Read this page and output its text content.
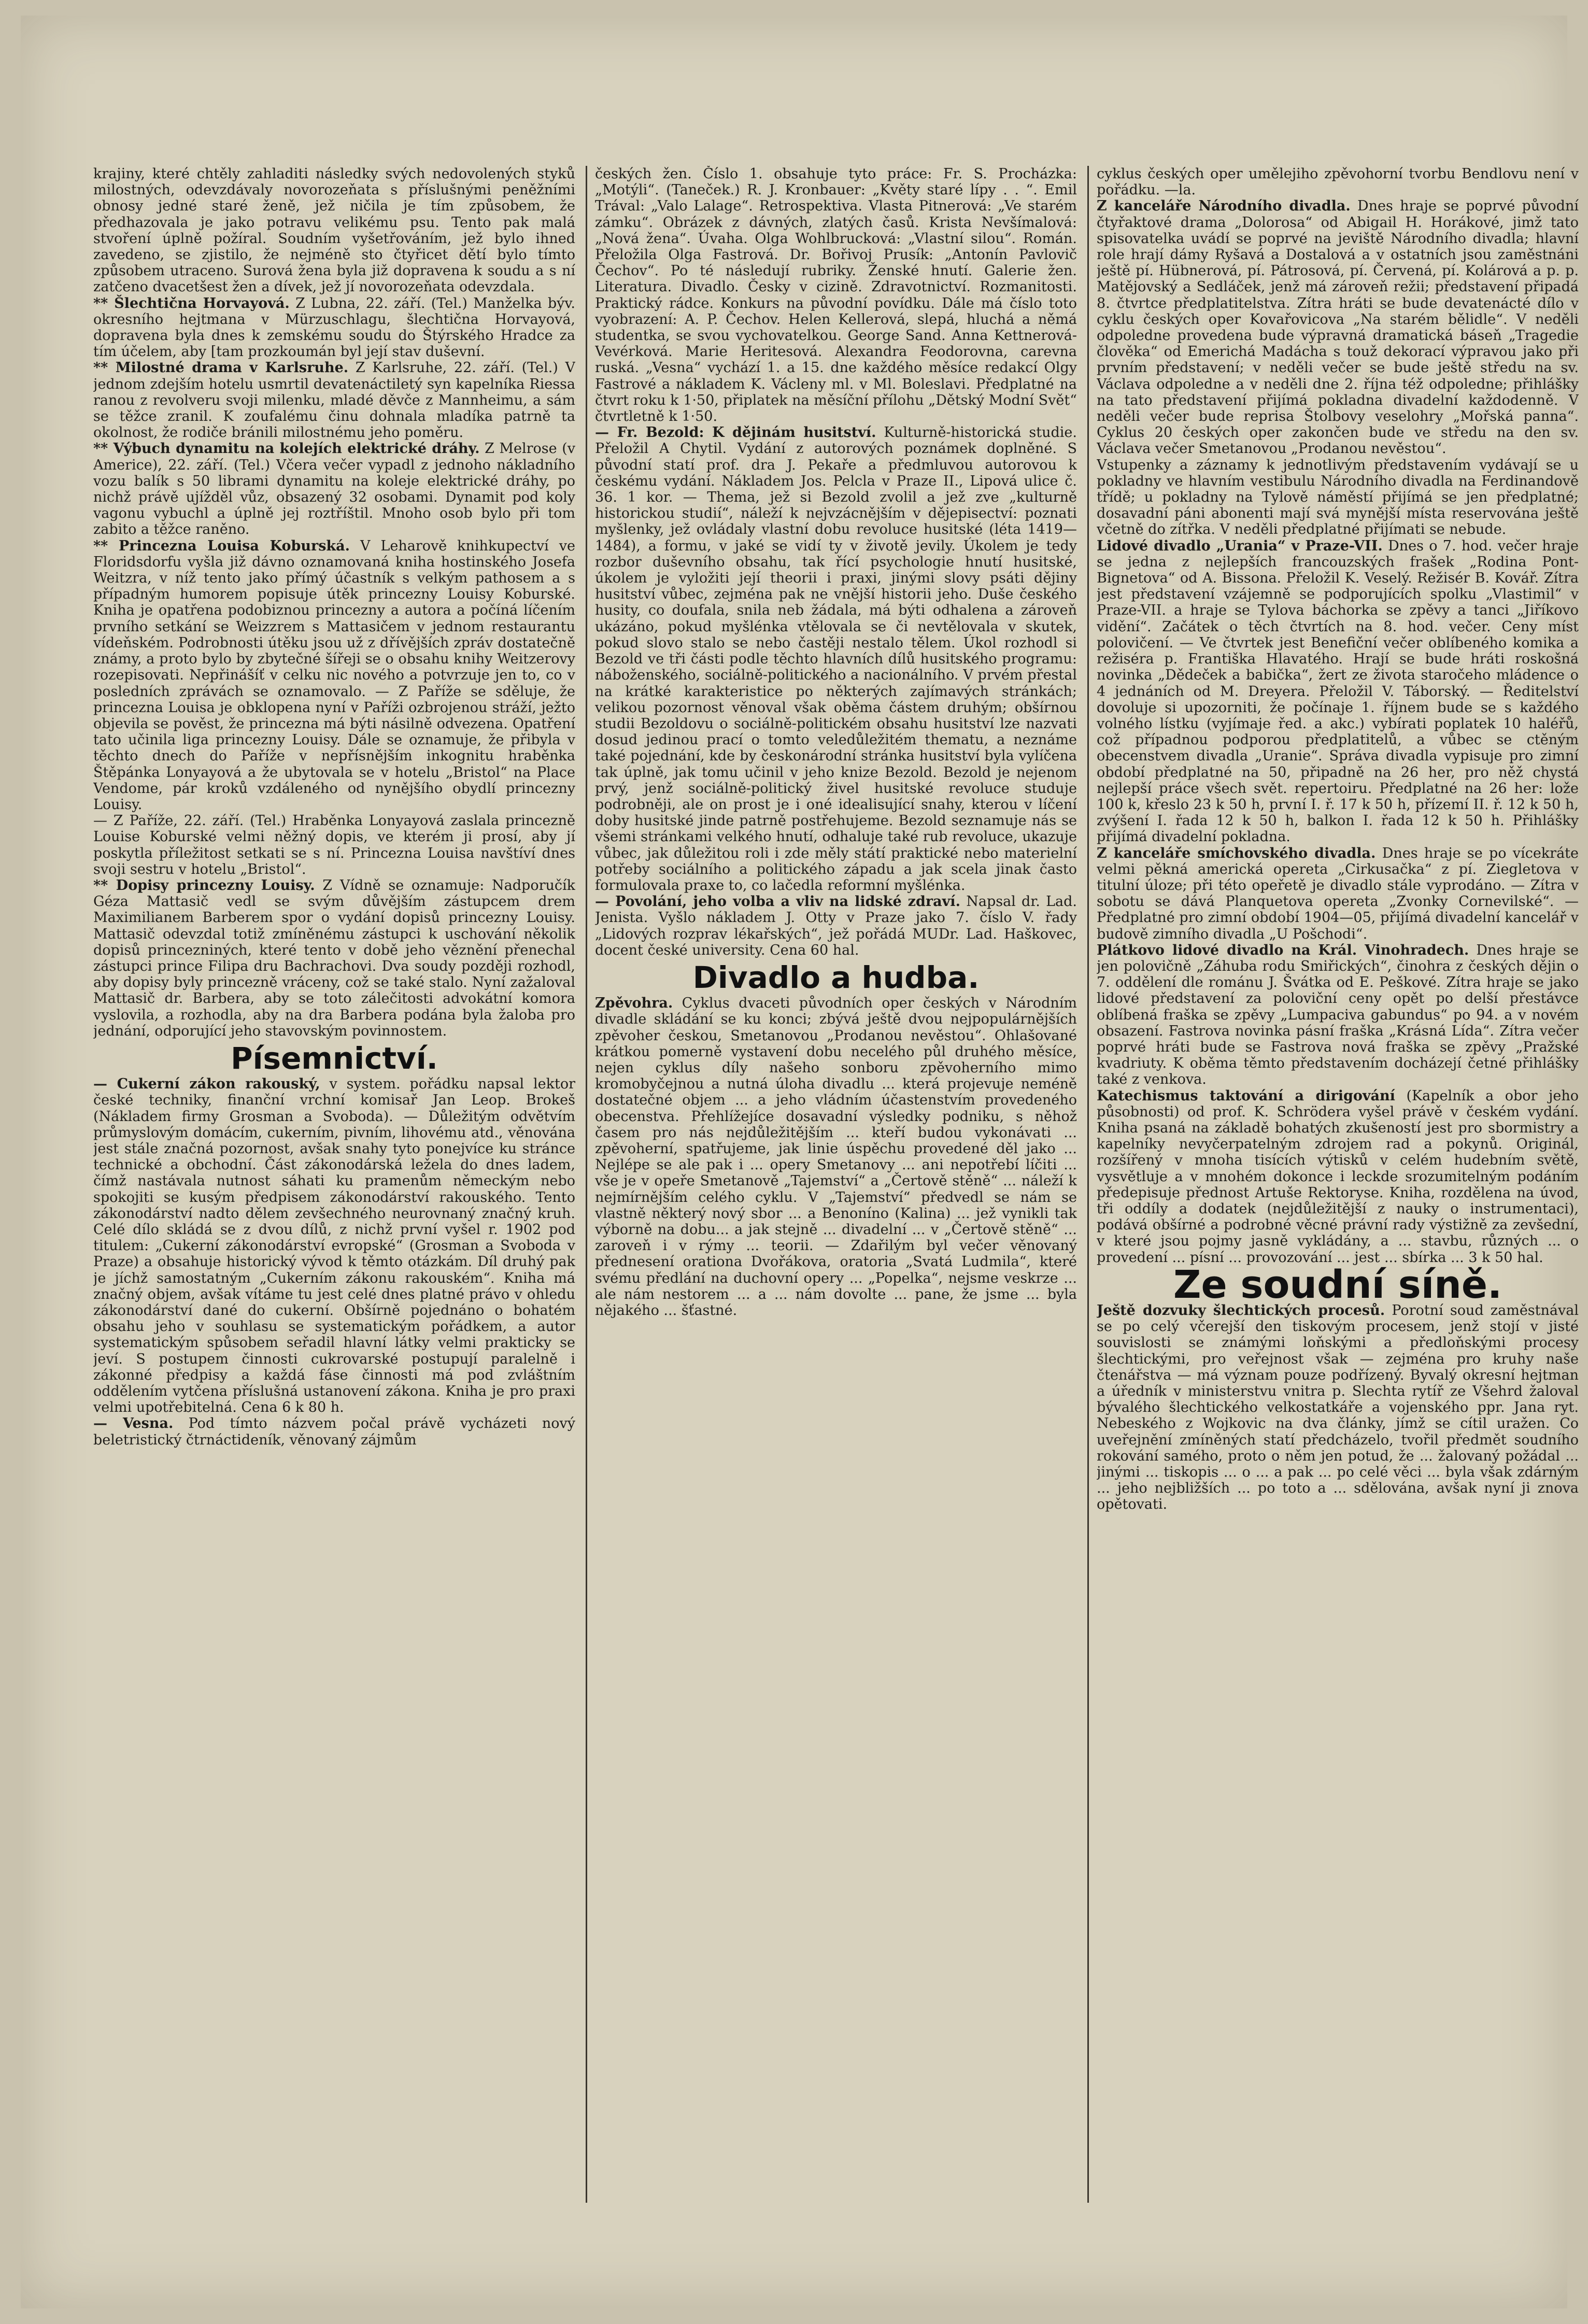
krajiny, které chtěly zahladiti následky svých nedovolených styků milostných, odevzdávaly novorozeňata s příslušnými peněžními obnosy jedné staré ženě, jež ničila je tím způsobem, že předhazovala je jako potravu velikému psu. Tento pak malá stvoření úplně požíral. Soudním vyšetřováním, jež bylo ihned zavedeno, se zjistilo, že nejméně sto čtyřicet dětí bylo tímto způsobem utraceno. Surová žena byla již dopravena k soudu a s ní zatčeno dvacetšest žen a dívek, jež jí novorozeňata odevzdala.

** Šlechtična Horvayová. Z Lubna, 22. září. (Tel.) Manželka býv. okresního hejtmana v Mürzuschlagu, šlechtična Horvayová, dopravena byla dnes k zemskému soudu do Štýrského Hradce za tím účelem, aby [tam prozkoumán byl její stav duševní.

** Milostné drama v Karlsruhe. Z Karlsruhe, 22. září. (Tel.) V jednom zdejším hotelu usmrtil devatenáctiletý syn kapelníka Riessa ranou z revolveru svoji milenku, mladé děvče z Mannheimu, a sám se těžce zranil. K zoufalému činu dohnala mladíka patrně ta okolnost, že rodiče bránili milostnému jeho poměru.

** Výbuch dynamitu na kolejích elektrické dráhy. Z Melrose (v Americe), 22. září. (Tel.) Včera večer vypadl z jednoho nákladního vozu balík s 50 librami dynamitu na koleje elektrické dráhy, po nichž právě ujížděl vůz, obsazený 32 osobami. Dynamit pod koly vagonu vybuchl a úplně jej roztříštil. Mnoho osob bylo při tom zabito a těžce raněno.

** Princezna Louisa Koburská. V Leharově knihkupectví ve Floridsdorfu vyšla již dávno oznamovaná kniha hostinského Josefa Weitzra, v níž tento jako přímý účastník s velkým pathosem a s případným humorem popisuje útěk princezny Louisy Koburské. Kniha je opatřena podobiznou princezny a autora a počíná líčením prvního setkání se Weizzrem s Mattasičem v jednom restaurantu vídeňském. Podrobnosti útěku jsou už z dřívějších zpráv dostatečně známy, a proto bylo by zbytečné šířeji se o obsahu knihy Weitzerovy rozepisovati. Nepřinášíť v celku nic nového a potvrzuje jen to, co v posledních zprávách se oznamovalo. — Z Paříže se sděluje, že princezna Louisa je obklopena nyní v Paříži ozbrojenou stráží, ježto objevila se pověst, že princezna má býti násilně odvezena. Opatření tato učinila liga princezny Louisy. Dále se oznamuje, že přibyla v těchto dnech do Paříže v nepřísnějším inkognitu hraběnka Štěpánka Lonyayová a že ubytovala se v hotelu „Bristol“ na Place Vendome, pár kroků vzdáleného od nynějšího obydlí princezny Louisy.

— Z Paříže, 22. září. (Tel.) Hraběnka Lonyayová zaslala princezně Louise Koburské velmi něžný dopis, ve kterém ji prosí, aby jí poskytla příležitost setkati se s ní. Princezna Louisa navštíví dnes svoji sestru v hotelu „Bristol“.

** Dopisy princezny Louisy. Z Vídně se oznamuje: Nadporučík Géza Mattasič vedl se svým důvějším zástupcem drem Maximilianem Barberem spor o vydání dopisů princezny Louisy. Mattasič odevzdal totiž zmíněnému zástupci k uschování několik dopisů princezniných, které tento v době jeho věznění přenechal zástupci prince Filipa dru Bachrachovi. Dva soudy později rozhodl, aby dopisy byly princezně vráceny, což se také stalo. Nyní zažaloval Mattasič dr. Barbera, aby se toto zálečitosti advokátní komora vyslovila, a rozhodla, aby na dra Barbera podána byla žaloba pro jednání, odporující jeho stavovským povinnostem.

Písemnictví.

— Cukerní zákon rakouský, v system. pořádku napsal lektor české techniky, finanční vrchní komisař Jan Leop. Brokeš (Nákladem firmy Grosman a Svoboda). — Důležitým odvětvím průmyslovým domácím, cukerním, pivním, lihovému atd., věnována jest stále značná pozornost, avšak snahy tyto ponejvíce ku stránce technické a obchodní. Část zákonodárská ležela do dnes ladem, čímž nastávala nutnost sáhati ku pramenům německým nebo spokojiti se kusým předpisem zákonodárství rakouského. Tento zákonodárství nadto dělem zevšechného neurovnaný značný kruh. Celé dílo skládá se z dvou dílů, z nichž první vyšel r. 1902 pod titulem: „Cukerní zákonodárství evropské“ (Grosman a Svoboda v Praze) a obsahuje historický vývod k těmto otázkám. Díl druhý pak je jíchž samostatným „Cukerním zákonu rakouském“. Kniha má značný objem, avšak vítáme tu jest celé dnes platné právo v ohledu zákonodárství dané do cukerní. Obšírně pojednáno o bohatém obsahu jeho v souhlasu se systematickým pořádkem, a autor systematickým spůsobem seřadil hlavní látky velmi prakticky se jeví. S postupem činnosti cukrovarské postupují paralelně i zákonné předpisy a každá fáse činnosti má pod zvláštním oddělením vytčena příslušná ustanovení zákona. Kniha je pro praxi velmi upotřebitelná. Cena 6 k 80 h.

— Vesna. Pod tímto názvem počal právě vycházeti nový beletristický čtrnáctideník, věnovaný zájmům

českých žen. Číslo 1. obsahuje tyto práce: Fr. S. Procházka: „Motýli“. (Taneček.) R. J. Kronbauer: „Květy staré lípy . . “. Emil Trával: „Valo Lalage“. Retrospektiva. Vlasta Pitnerová: „Ve starém zámku“. Obrázek z dávných, zlatých časů. Krista Nevšímalová: „Nová žena“. Úvaha. Olga Wohlbrucková: „Vlastní silou“. Román. Přeložila Olga Fastrová. Dr. Bořivoj Prusík: „Antonín Pavlovič Čechov“. Po té následují rubriky. Ženské hnutí. Galerie žen. Literatura. Divadlo. Česky v cizině. Zdravotnictví. Rozmanitosti. Praktický rádce. Konkurs na původní povídku. Dále má číslo toto vyobrazení: A. P. Čechov. Helen Kellerová, slepá, hluchá a němá studentka, se svou vychovatelkou. George Sand. Anna Kettnerová-Vevérková. Marie Heritesová. Alexandra Feodorovna, carevna ruská. „Vesna“ vychází 1. a 15. dne každého měsíce redakcí Olgy Fastrové a nákladem K. Václeny ml. v Ml. Boleslavi. Předplatné na čtvrt roku k 1·50, připlatek na měsíční přílohu „Dětský Modní Svět“ čtvrtletně k 1·50.

— Fr. Bezold: K dějinám husitství. Kulturně-historická studie. Přeložil A Chytil. Vydání z autorových poznámek doplněné. S původní statí prof. dra J. Pekaře a předmluvou autorovou k českému vydání. Nákladem Jos. Pelcla v Praze II., Lipová ulice č. 36. 1 kor. — Thema, jež si Bezold zvolil a jež zve „kulturně historickou studií“, náleží k nejvzácnějším v dějepisectví: poznati myšlenky, jež ovládaly vlastní dobu revoluce husitské (léta 1419—1484), a formu, v jaké se vidí ty v životě jevily. Úkolem je tedy rozbor duševního obsahu, tak řící psychologie hnutí husitské, úkolem je vyložiti její theorii i praxi, jinými slovy psáti dějiny husitství vůbec, zejména pak ne vnější historii jeho. Duše českého husity, co doufala, snila neb žádala, má býti odhalena a zároveň ukázáno, pokud myšlénka vtělovala se či nevtělovala v skutek, pokud slovo stalo se nebo častěji nestalo tělem. Úkol rozhodl si Bezold ve tři části podle těchto hlavních dílů husitského programu: náboženského, sociálně-politického a nacionálního. V prvém přestal na krátké karakteristice po některých zajímavých stránkách; velikou pozornost věnoval však oběma částem druhým; obšírnou studii Bezoldovu o sociálně-politickém obsahu husitství lze nazvati dosud jedinou prací o tomto veledůležitém thematu, a neznáme také pojednání, kde by českonárodní stránka husitství byla vylíčena tak úplně, jak tomu učinil v jeho knize Bezold. Bezold je nejenom prvý, jenž sociálně-politický živel husitské revoluce studuje podrobněji, ale on prost je i oné idealisující snahy, kterou v líčení doby husitské jinde patrně postřehujeme. Bezold seznamuje nás se všemi stránkami velkého hnutí, odhaluje také rub revoluce, ukazuje vůbec, jak důležitou roli i zde měly státí praktické nebo materielní potřeby sociálního a politického západu a jak scela jinak často formulovala praxe to, co lačedla reformní myšlénka.

— Povolání, jeho volba a vliv na lidské zdraví. Napsal dr. Lad. Jenista. Vyšlo nákladem J. Otty v Praze jako 7. číslo V. řady „Lidových rozprav lékařských“, jež pořádá MUDr. Lad. Haškovec, docent české university. Cena 60 hal.

Divadlo a hudba.

Zpěvohra. Cyklus dvaceti původních oper českých v Národním divadle skládání se ku konci; zbývá ještě dvou nejpopulárnějších zpěvoher českou, Smetanovou „Prodanou nevěstou“. Ohlašované krátkou pomerně vystavení dobu necelého půl druhého měsíce, nejen cyklus díly našeho sonboru zpěvoherního mimo kromobyčejnou a nutná úloha divadlu ... která projevuje neméně dostatečné objem ... a jeho vládním účastenstvím provedeného obecenstva. Přehlížejíce dosavadní výsledky podniku, s něhož časem pro nás nejdůležitějším ... kteří budou vykonávati ... zpěvoherní, spatřujeme, jak linie úspěchu provedené děl jako ... Nejlépe se ale pak i ... opery Smetanovy ... ani nepotřebí líčiti ... vše je v opeře Smetanově „Tajemství“ a „Čertově stěně“ ... náleží k nejmírnějším celého cyklu. V „Tajemství“ předvedl se nám se vlastně některý nový sbor ... a Benoníno (Kalina) ... jež vynikli tak výborně na dobu... a jak stejně ... divadelní ... v „Čertově stěně“ ... zaroveň i v rýmy ... teorii. — Zdařilým byl večer věnovaný přednesení orationa Dvořákova, oratoria „Svatá Ludmila“, které svému předlání na duchovní opery ... „Popelka“, nejsme veskrze ... ale nám nestorem ... a ... nám dovolte ... pane, že jsme ... byla nějakého ... šťastné.

cyklus českých oper umělejiho zpěvohorní tvorbu Bendlovu není v pořádku. —la.

Z kanceláře Národního divadla. Dnes hraje se poprvé původní čtyřaktové drama „Dolorosa“ od Abigail H. Horákové, jimž tato spisovatelka uvádí se poprvé na jeviště Národního divadla; hlavní role hrají dámy Ryšavá a Dostalová a v ostatních jsou zaměstnáni ještě pí. Hübnerová, pí. Pátrosová, pí. Červená, pí. Kolárová a p. p. Matějovský a Sedláček, jenž má zároveň režii; představení připadá 8. čtvrtce předplatitelstva. Zítra hráti se bude devatenácté dílo v cyklu českých oper Kovařovicova „Na starém bělidle“. V neděli odpoledne provedena bude výpravná dramatická báseň „Tragedie člověka“ od Emerichá Madácha s touž dekorací výpravou jako při prvním představení; v neděli večer se bude ještě středu na sv. Václava odpoledne a v neděli dne 2. října též odpoledne; přihlášky na tato představení přijímá pokladna divadelní každodenně. V neděli večer bude reprisa Štolbovy veselohry „Mořská panna“. Cyklus 20 českých oper zakončen bude ve středu na den sv. Václava večer Smetanovou „Prodanou nevěstou“.

Vstupenky a záznamy k jednotlivým představením vydávají se u pokladny ve hlavním vestibulu Národního divadla na Ferdinandově třídě; u pokladny na Tylově náměstí přijímá se jen předplatné; dosavadní páni abonenti mají svá mynější místa reservována ještě včetně do zítřka. V neděli předplatné přijímati se nebude.

Lidové divadlo „Urania“ v Praze-VII. Dnes o 7. hod. večer hraje se jedna z nejlepších francouzských frašek „Rodina Pont-Bignetova“ od A. Bissona. Přeložil K. Veselý. Režisér B. Kovář. Zítra jest představení vzájemně se podporujících spolku „Vlastimil“ v Praze-VII. a hraje se Tylova báchorka se zpěvy a tanci „Jiříkovo vidění“. Začátek o těch čtvrtích na 8. hod. večer. Ceny míst polovičení. — Ve čtvrtek jest Benefiční večer oblíbeného komika a režiséra p. Františka Hlavatého. Hrají se bude hráti roskošná novinka „Dědeček a babička“, žert ze života staročeho mládence o 4 jednáních od M. Dreyera. Přeložil V. Táborský. — Ředitelství dovoluje si upozorniti, že počínaje 1. říjnem bude se s každého volného lístku (vyjímaje řed. a akc.) vybírati poplatek 10 haléřů, což případnou podporou předplatitelů, a vůbec se ctěným obecenstvem divadla „Uranie“. Správa divadla vypisuje pro zimní období předplatné na 50, připadně na 26 her, pro něž chystá nejlepší práce všech svět. repertoiru. Předplatné na 26 her: lože 100 k, křeslo 23 k 50 h, první I. ř. 17 k 50 h, přízemí II. ř. 12 k 50 h, zvýšení I. řada 12 k 50 h, balkon I. řada 12 k 50 h. Přihlášky přijímá divadelní pokladna.

Z kanceláře smíchovského divadla. Dnes hraje se po vícekráte velmi pěkná americká opereta „Cirkusačka“ z pí. Ziegletova v titulní úloze; při této opeřetě je divadlo stále vyprodáno. — Zítra v sobotu se dává Planquetova opereta „Zvonky Cornevilské“. — Předplatné pro zimní období 1904—05, přijímá divadelní kancelář v budově zimního divadla „U Pošchodi“.

Plátkovo lidové divadlo na Král. Vinohradech. Dnes hraje se jen polovičně „Záhuba rodu Smiřických“, činohra z českých dějin o 7. oddělení dle románu J. Švátka od E. Peškové. Zítra hraje se jako lidové představení za poloviční ceny opět po delší přestávce oblíbená fraška se zpěvy „Lumpaciva gabundus“ po 94. a v novém obsazení. Fastrova novinka pásní fraška „Krásná Lída“. Zítra večer poprvé hráti bude se Fastrova nová fraška se zpěvy „Pražské kvadriuty. K oběma těmto představením docházejí četné přihlášky také z venkova.

Katechismus taktování a dirigování (Kapelník a obor jeho působnosti) od prof. K. Schrödera vyšel právě v českém vydání. Kniha psaná na základě bohatých zkušeností jest pro sbormistry a kapelníky nevyčerpatelným zdrojem rad a pokynů. Originál, rozšířený v mnoha tisících výtisků v celém hudebním světě, vysvětluje a v mnohém dokonce i leckde srozumitelným podáním předepisuje přednost Artuše Rektoryse. Kniha, rozdělena na úvod, tři oddíly a dodatek (nejdůležitější z nauky o instrumentaci), podává obšírné a podrobné věcné právní rady výstižně za zevšední, v které jsou pojmy jasně vykládány, a ... stavbu, různých ... o provedení ... písní ... provozování ... jest ... sbírka ... 3 k 50 hal.

Ze soudní síně.

Ještě dozvuky šlechtických procesů. Porotní soud zaměstnával se po celý včerejší den tiskovým procesem, jenž stojí v jisté souvislosti se známými loňskými a předloňskými procesy šlechtickými, pro veřejnost však — zejména pro kruhy naše čtenářstva — má význam pouze podřízený. Byvalý okresní hejtman a úředník v ministerstvu vnitra p. Slechta rytíř ze Všehrd žaloval bývalého šlechtického velkostatkáře a vojenského ppr. Jana ryt. Nebeského z Wojkovic na dva články, jímž se cítil uražen. Co uveřejnění zmíněných statí předcházelo, tvořil předmět soudního rokování samého, proto o něm jen potud, že ... žalovaný požádal ... jinými ... tiskopis ... o ... a pak ... po celé věci ... byla však zdárným ... jeho nejbližších ... po toto a ... sdělována, avšak nyní ji znova opětovati.
